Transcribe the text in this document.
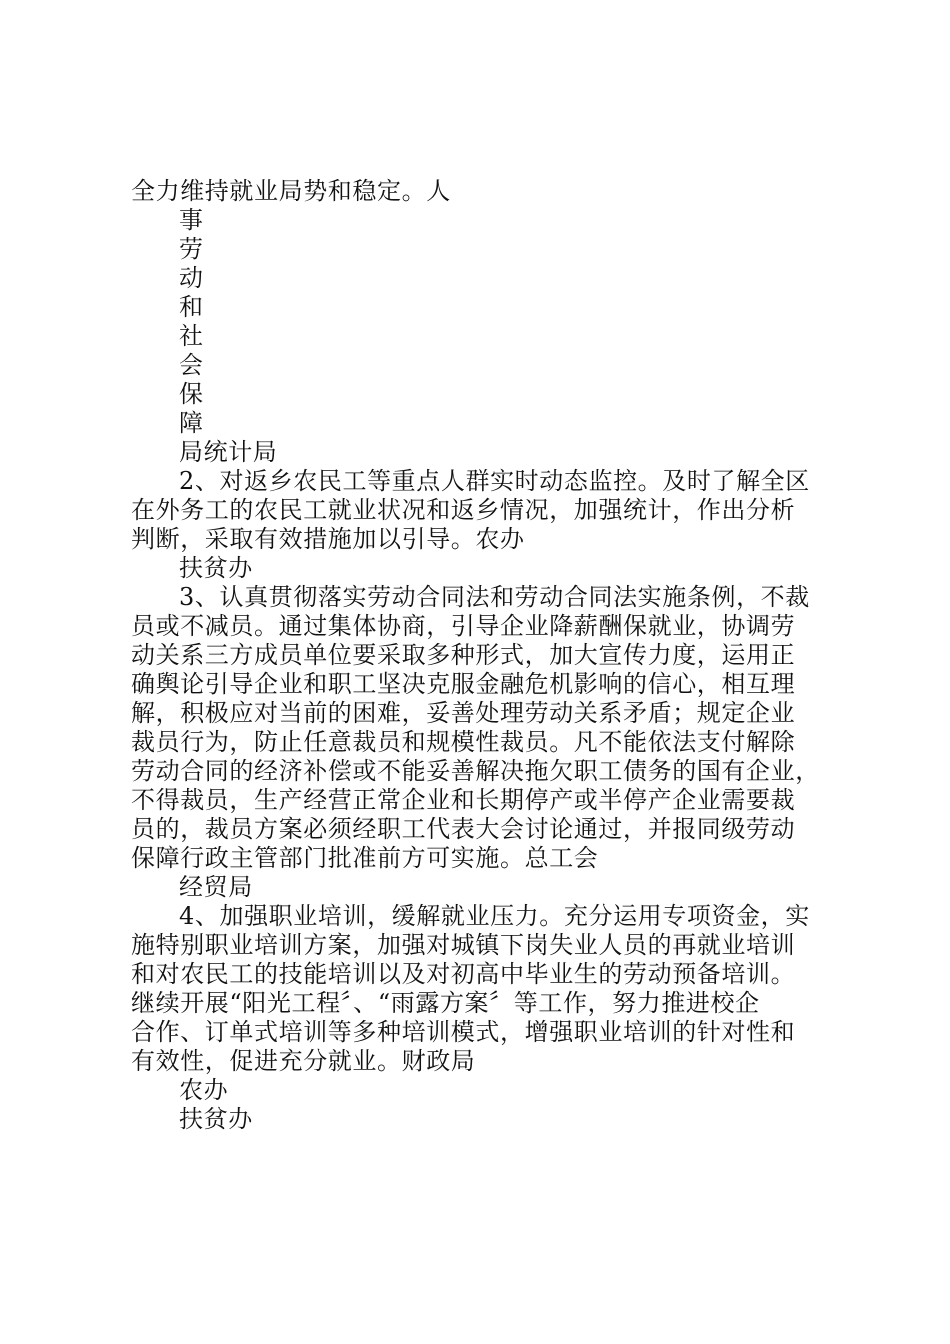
全力维持就业局势和稳定。人
事
劳
动
和
社
会
保
障
局统计局
2、对返乡农民工等重点人群实时动态监控。及时了解全区
在外务工的农民工就业状况和返乡情况，加强统计，作出分析
判断，采取有效措施加以引导。农办
扶贫办
3、认真贯彻落实劳动合同法和劳动合同法实施条例，不裁
员或不减员。通过集体协商，引导企业降薪酬保就业，协调劳
动关系三方成员单位要采取多种形式，加大宣传力度，运用正
确舆论引导企业和职工坚决克服金融危机影响的信心，相互理
解，积极应对当前的困难，妥善处理劳动关系矛盾；规定企业
裁员行为，防止任意裁员和规模性裁员。凡不能依法支付解除
劳动合同的经济补偿或不能妥善解决拖欠职工债务的国有企业，
不得裁员，生产经营正常企业和长期停产或半停产企业需要裁
员的，裁员方案必须经职工代表大会讨论通过，并报同级劳动
保障行政主管部门批准前方可实施。总工会
经贸局
4、加强职业培训，缓解就业压力。充分运用专项资金，实
施特别职业培训方案，加强对城镇下岗失业人员的再就业培训
和对农民工的技能培训以及对初高中毕业生的劳动预备培训。
继续开展“阳光工程〞、“雨露方案〞等工作，努力推进校企
合作、订单式培训等多种培训模式，增强职业培训的针对性和
有效性，促进充分就业。财政局
农办
扶贫办
